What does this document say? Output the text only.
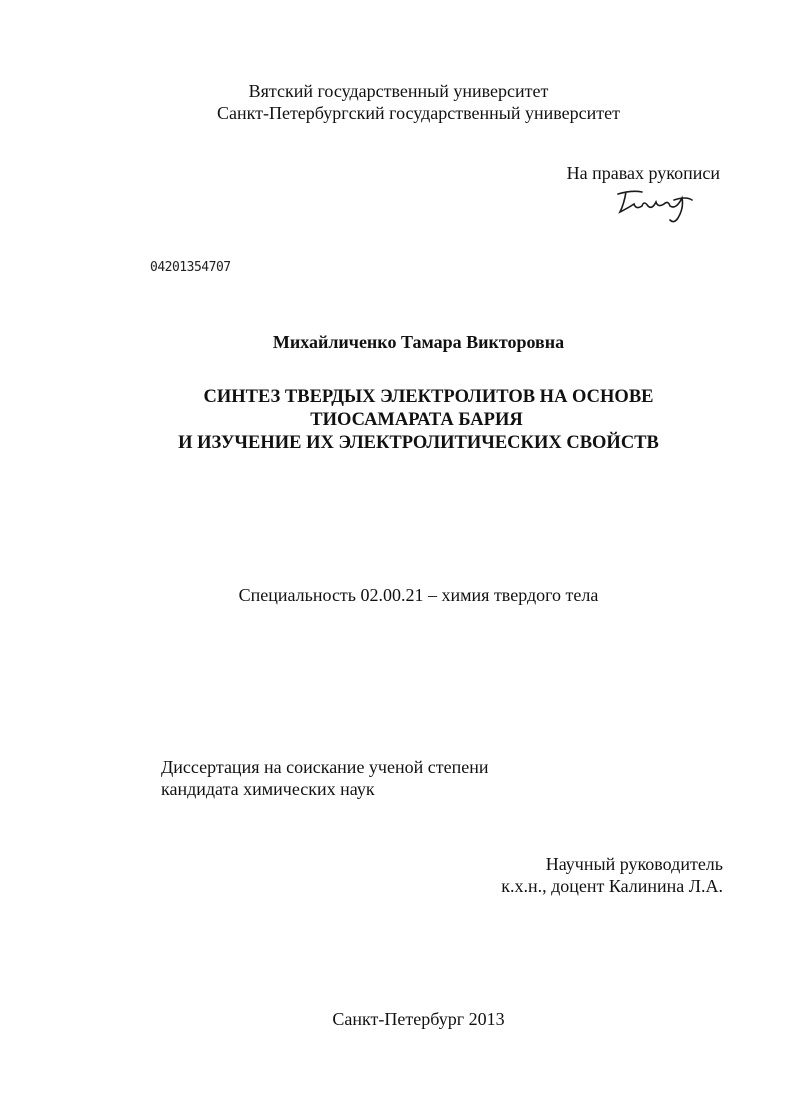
Вятский государственный университет
Санкт-Петербургский государственный университет
На правах рукописи
04201354707
Михайличенко Тамара Викторовна
СИНТЕЗ ТВЕРДЫХ ЭЛЕКТРОЛИТОВ НА ОСНОВЕ
ТИОСАМАРАТА БАРИЯ
И ИЗУЧЕНИЕ ИХ ЭЛЕКТРОЛИТИЧЕСКИХ СВОЙСТВ
Специальность 02.00.21 – химия твердого тела
Диссертация на соискание ученой степени
кандидата химических наук
Научный руководитель
к.х.н., доцент Калинина Л.А.
Санкт-Петербург 2013
